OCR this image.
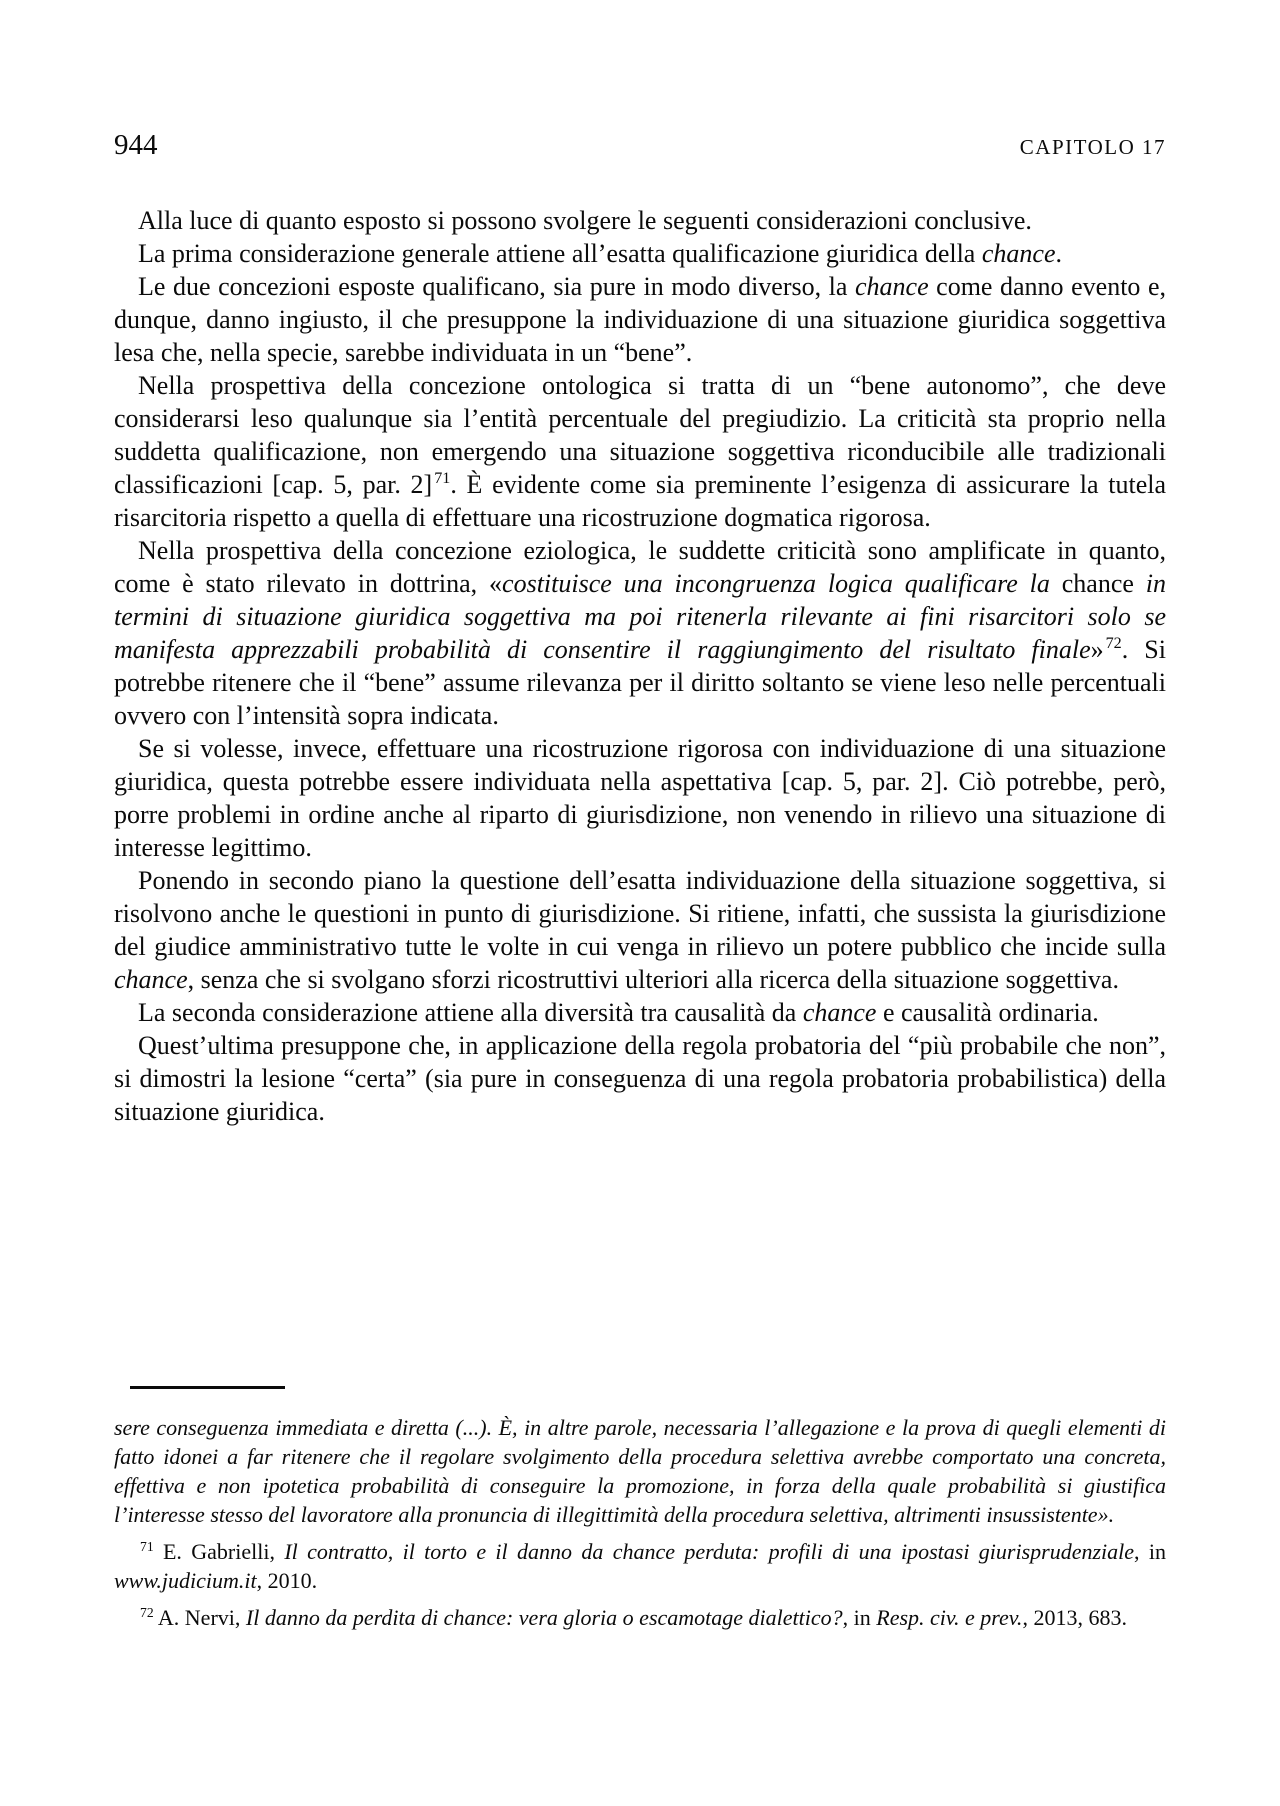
944	CAPITOLO 17

Alla luce di quanto esposto si possono svolgere le seguenti considerazioni conclusive.

La prima considerazione generale attiene all’esatta qualificazione giuridica della chance.

Le due concezioni esposte qualificano, sia pure in modo diverso, la chance come danno evento e, dunque, danno ingiusto, il che presuppone la individuazione di una situazione giuridica soggettiva lesa che, nella specie, sarebbe individuata in un “bene”.

Nella prospettiva della concezione ontologica si tratta di un “bene autonomo”, che deve considerarsi leso qualunque sia l’entità percentuale del pregiudizio. La criticità sta proprio nella suddetta qualificazione, non emergendo una situazione soggettiva riconducibile alle tradizionali classificazioni [cap. 5, par. 2] $^{71}$. È evidente come sia preminente l’esigenza di assicurare la tutela risarcitoria rispetto a quella di effettuare una ricostruzione dogmatica rigorosa.

Nella prospettiva della concezione eziologica, le suddette criticità sono amplificate in quanto, come è stato rilevato in dottrina, «costituisce una incongruenza logica qualificare la chance in termini di situazione giuridica soggettiva ma poi ritenerla rilevante ai fini risarcitori solo se manifesta apprezzabili probabilità di consentire il raggiungimento del risultato finale» $^{72}$. Si potrebbe ritenere che il “bene” assume rilevanza per il diritto soltanto se viene leso nelle percentuali ovvero con l’intensità sopra indicata.

Se si volesse, invece, effettuare una ricostruzione rigorosa con individuazione di una situazione giuridica, questa potrebbe essere individuata nella aspettativa [cap. 5, par. 2]. Ciò potrebbe, però, porre problemi in ordine anche al riparto di giurisdizione, non venendo in rilievo una situazione di interesse legittimo.

Ponendo in secondo piano la questione dell’esatta individuazione della situazione soggettiva, si risolvono anche le questioni in punto di giurisdizione. Si ritiene, infatti, che sussista la giurisdizione del giudice amministrativo tutte le volte in cui venga in rilievo un potere pubblico che incide sulla chance, senza che si svolgano sforzi ricostruttivi ulteriori alla ricerca della situazione soggettiva.

La seconda considerazione attiene alla diversità tra causalità da chance e causalità ordinaria.

Quest’ultima presuppone che, in applicazione della regola probatoria del “più probabile che non”, si dimostri la lesione “certa” (sia pure in conseguenza di una regola probatoria probabilistica) della situazione giuridica.

sere conseguenza immediata e diretta (...). È, in altre parole, necessaria l’allegazione e la prova di quegli elementi di fatto idonei a far ritenere che il regolare svolgimento della procedura selettiva avrebbe comportato una concreta, effettiva e non ipotetica probabilità di conseguire la promozione, in forza della quale probabilità si giustifica l’interesse stesso del lavoratore alla pronuncia di illegittimità della procedura selettiva, altrimenti insussistente».

$^{71}$ E. Gabrielli, Il contratto, il torto e il danno da chance perduta: profili di una ipostasi giurisprudenziale, in www.judicium.it, 2010.

$^{72}$ A. Nervi, Il danno da perdita di chance: vera gloria o escamotage dialettico?, in Resp. civ. e prev., 2013, 683.
